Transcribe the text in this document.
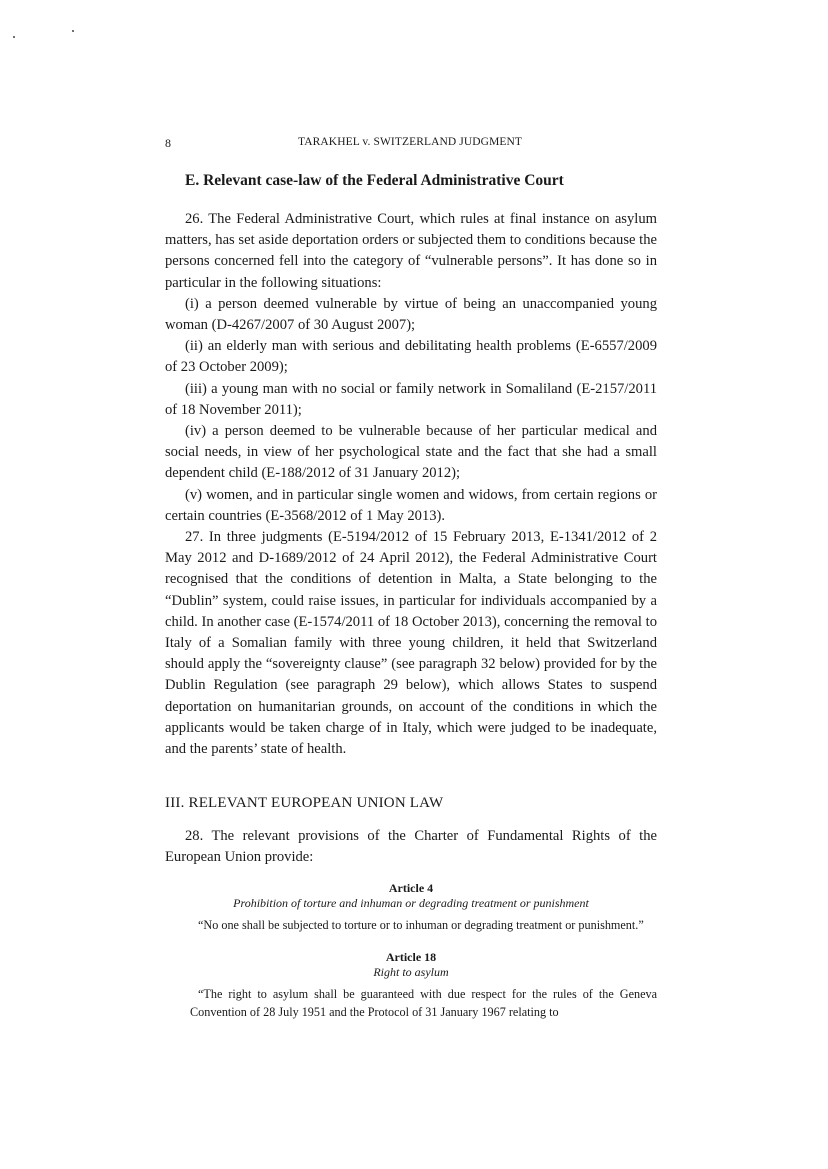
8	TARAKHEL v. SWITZERLAND JUDGMENT
E. Relevant case-law of the Federal Administrative Court

26. The Federal Administrative Court, which rules at final instance on asylum matters, has set aside deportation orders or subjected them to conditions because the persons concerned fell into the category of “vulnerable persons”. It has done so in particular in the following situations:

(i) a person deemed vulnerable by virtue of being an unaccompanied young woman (D-4267/2007 of 30 August 2007);

(ii) an elderly man with serious and debilitating health problems (E-6557/2009 of 23 October 2009);

(iii) a young man with no social or family network in Somaliland (E-2157/2011 of 18 November 2011);

(iv) a person deemed to be vulnerable because of her particular medical and social needs, in view of her psychological state and the fact that she had a small dependent child (E-188/2012 of 31 January 2012);

(v) women, and in particular single women and widows, from certain regions or certain countries (E-3568/2012 of 1 May 2013).

27. In three judgments (E-5194/2012 of 15 February 2013, E-1341/2012 of 2 May 2012 and D-1689/2012 of 24 April 2012), the Federal Administrative Court recognised that the conditions of detention in Malta, a State belonging to the “Dublin” system, could raise issues, in particular for individuals accompanied by a child. In another case (E-1574/2011 of 18 October 2013), concerning the removal to Italy of a Somalian family with three young children, it held that Switzerland should apply the “sovereignty clause” (see paragraph 32 below) provided for by the Dublin Regulation (see paragraph 29 below), which allows States to suspend deportation on humanitarian grounds, on account of the conditions in which the applicants would be taken charge of in Italy, which were judged to be inadequate, and the parents’ state of health.

III. RELEVANT EUROPEAN UNION LAW

28. The relevant provisions of the Charter of Fundamental Rights of the European Union provide:

Article 4
Prohibition of torture and inhuman or degrading treatment or punishment
“No one shall be subjected to torture or to inhuman or degrading treatment or punishment.”
Article 18
Right to asylum
“The right to asylum shall be guaranteed with due respect for the rules of the Geneva Convention of 28 July 1951 and the Protocol of 31 January 1967 relating to
